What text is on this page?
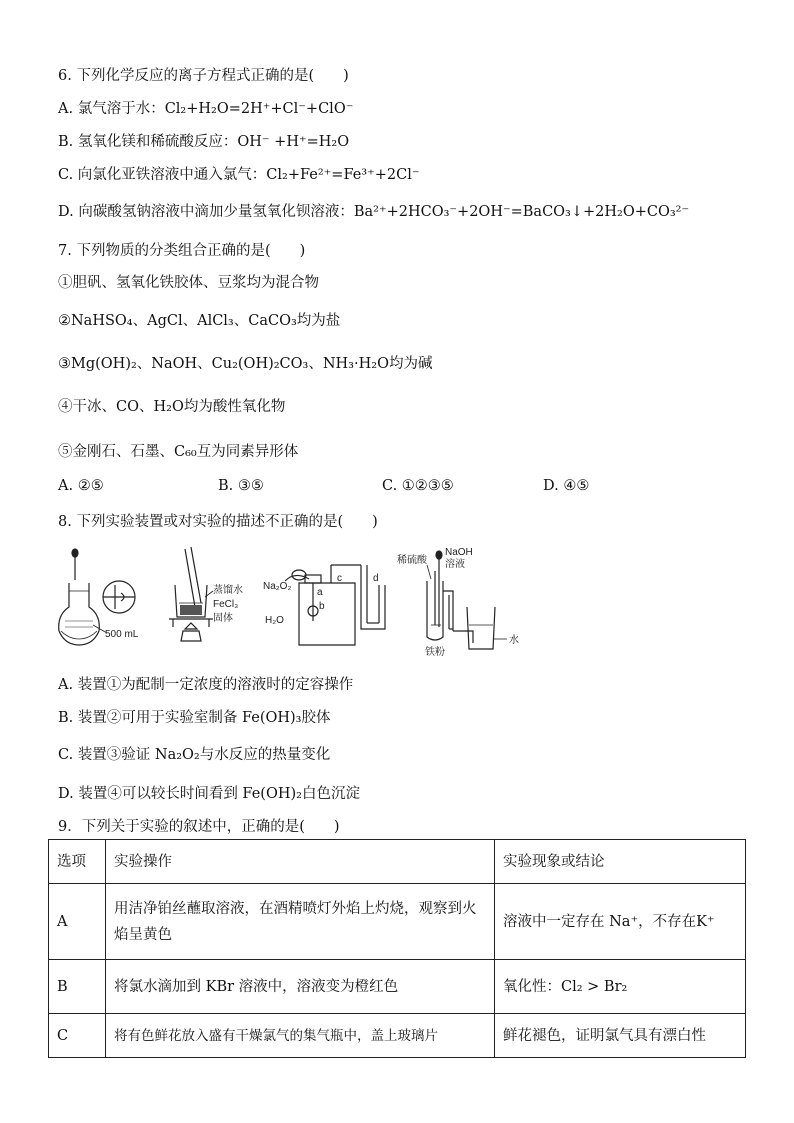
6. 下列化学反应的离子方程式正确的是(　　)
A. 氯气溶于水：Cl₂+H₂O=2H⁺+Cl⁻+ClO⁻
B. 氢氧化镁和稀硫酸反应：OH⁻ +H⁺=H₂O
C. 向氯化亚铁溶液中通入氯气：Cl₂+Fe²⁺=Fe³⁺+2Cl⁻
D. 向碳酸氢钠溶液中滴加少量氢氧化钡溶液：Ba²⁺+2HCO₃⁻+2OH⁻=BaCO₃↓+2H₂O+CO₃²⁻
7. 下列物质的分类组合正确的是(　　)
①胆矾、氢氧化铁胶体、豆浆均为混合物
②NaHSO₄、AgCl、AlCl₃、CaCO₃均为盐
③Mg(OH)₂、NaOH、Cu₂(OH)₂CO₃、NH₃·H₂O均为碱
④干冰、CO、H₂O均为酸性氧化物
⑤金刚石、石墨、C₆₀互为同素异形体
A. ②⑤	B. ③⑤	C. ①②③⑤	D. ④⑤
8. 下列实验装置或对实验的描述不正确的是(　　)
500 mL
蒸馏水
FeCl₃
固体
Na₂O₂
H₂O
a
b
c	d
稀硫酸
NaOH
溶液
铁粉
水
A. 装置①为配制一定浓度的溶液时的定容操作
B. 装置②可用于实验室制备 Fe(OH)₃胶体
C. 装置③验证 Na₂O₂与水反应的热量变化
D. 装置④可以较长时间看到 Fe(OH)₂白色沉淀
9．下列关于实验的叙述中，正确的是(　　)
选项	实验操作	实验现象或结论
A	用洁净铂丝蘸取溶液，在酒精喷灯外焰上灼烧，观察到火焰呈黄色	溶液中一定存在 Na⁺，不存在K⁺
B	将氯水滴加到 KBr 溶液中，溶液变为橙红色	氧化性：Cl₂ > Br₂
C	将有色鲜花放入盛有干燥氯气的集气瓶中，盖上玻璃片	鲜花褪色，证明氯气具有漂白性
